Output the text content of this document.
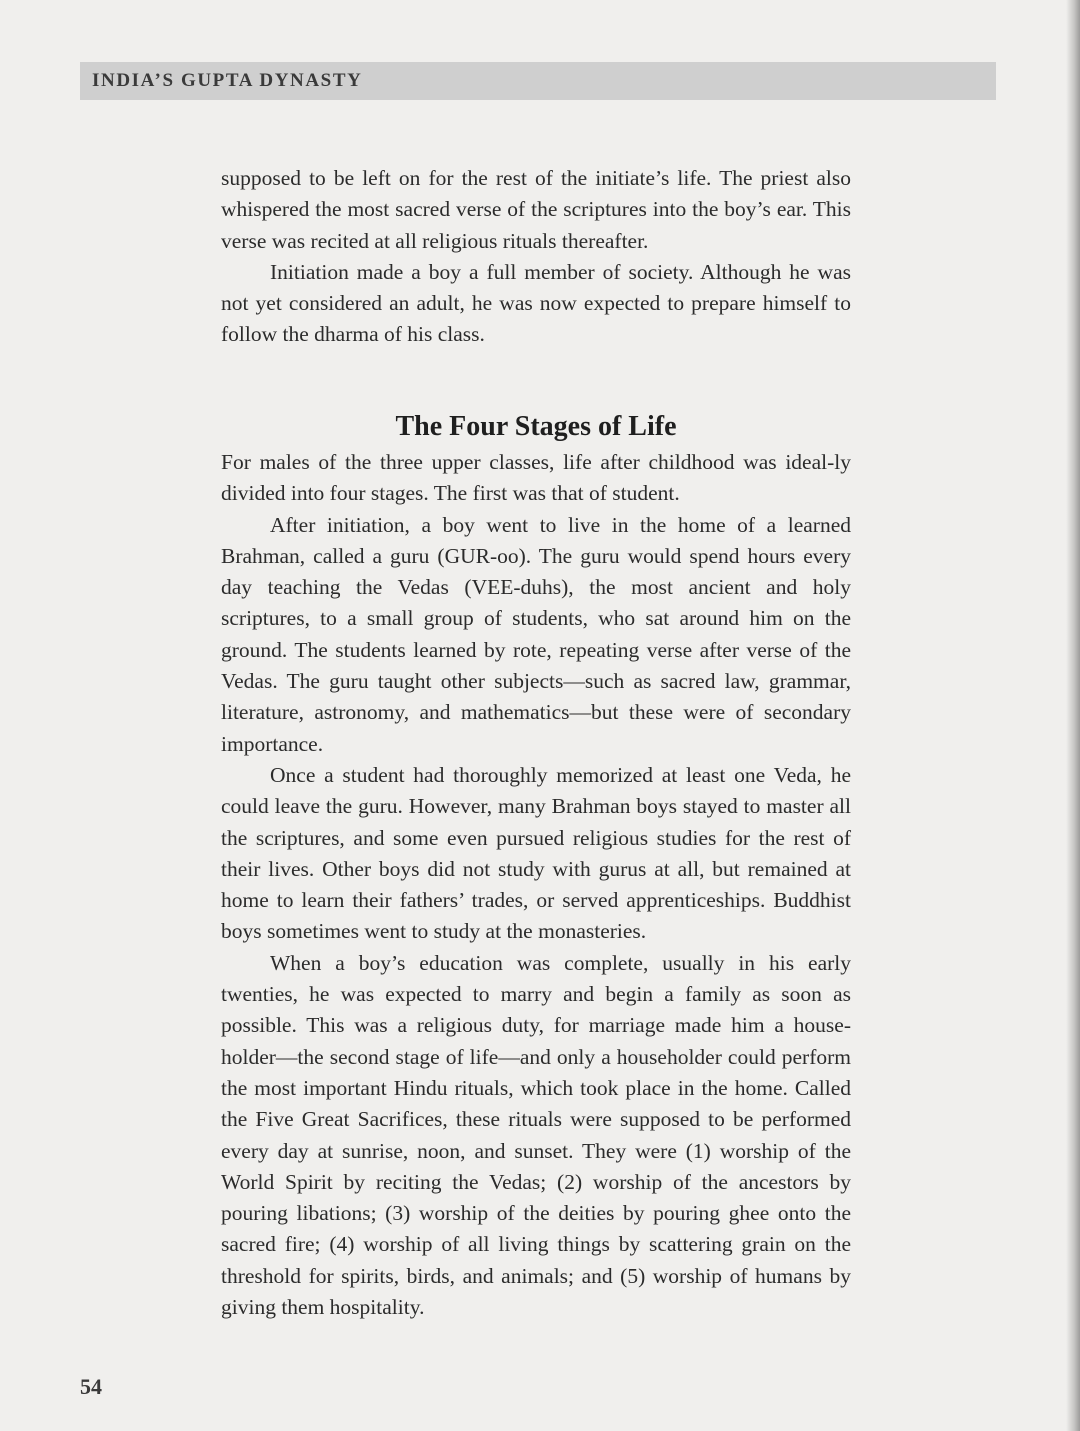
INDIA’S GUPTA DYNASTY

supposed to be left on for the rest of the initiate’s life. The priest also whispered the most sacred verse of the scriptures into the boy’s ear. This verse was recited at all religious rituals thereafter.

Initiation made a boy a full member of society. Although he was not yet considered an adult, he was now expected to prepare himself to follow the dharma of his class.

The Four Stages of Life

For males of the three upper classes, life after childhood was ideal-ly divided into four stages. The first was that of student.

After initiation, a boy went to live in the home of a learned Brahman, called a guru (GUR-oo). The guru would spend hours every day teaching the Vedas (VEE-duhs), the most ancient and holy scriptures, to a small group of students, who sat around him on the ground. The students learned by rote, repeating verse after verse of the Vedas. The guru taught other subjects—such as sacred law, grammar, literature, astronomy, and mathematics—but these were of secondary importance.

Once a student had thoroughly memorized at least one Veda, he could leave the guru. However, many Brahman boys stayed to master all the scriptures, and some even pursued religious studies for the rest of their lives. Other boys did not study with gurus at all, but remained at home to learn their fathers’ trades, or served apprenticeships. Buddhist boys sometimes went to study at the monasteries.

When a boy’s education was complete, usually in his early twenties, he was expected to marry and begin a family as soon as possible. This was a religious duty, for marriage made him a house-holder—the second stage of life—and only a householder could perform the most important Hindu rituals, which took place in the home. Called the Five Great Sacrifices, these rituals were supposed to be performed every day at sunrise, noon, and sunset. They were (1) worship of the World Spirit by reciting the Vedas; (2) worship of the ancestors by pouring libations; (3) worship of the deities by pouring ghee onto the sacred fire; (4) worship of all living things by scattering grain on the threshold for spirits, birds, and animals; and (5) worship of humans by giving them hospitality.

54
